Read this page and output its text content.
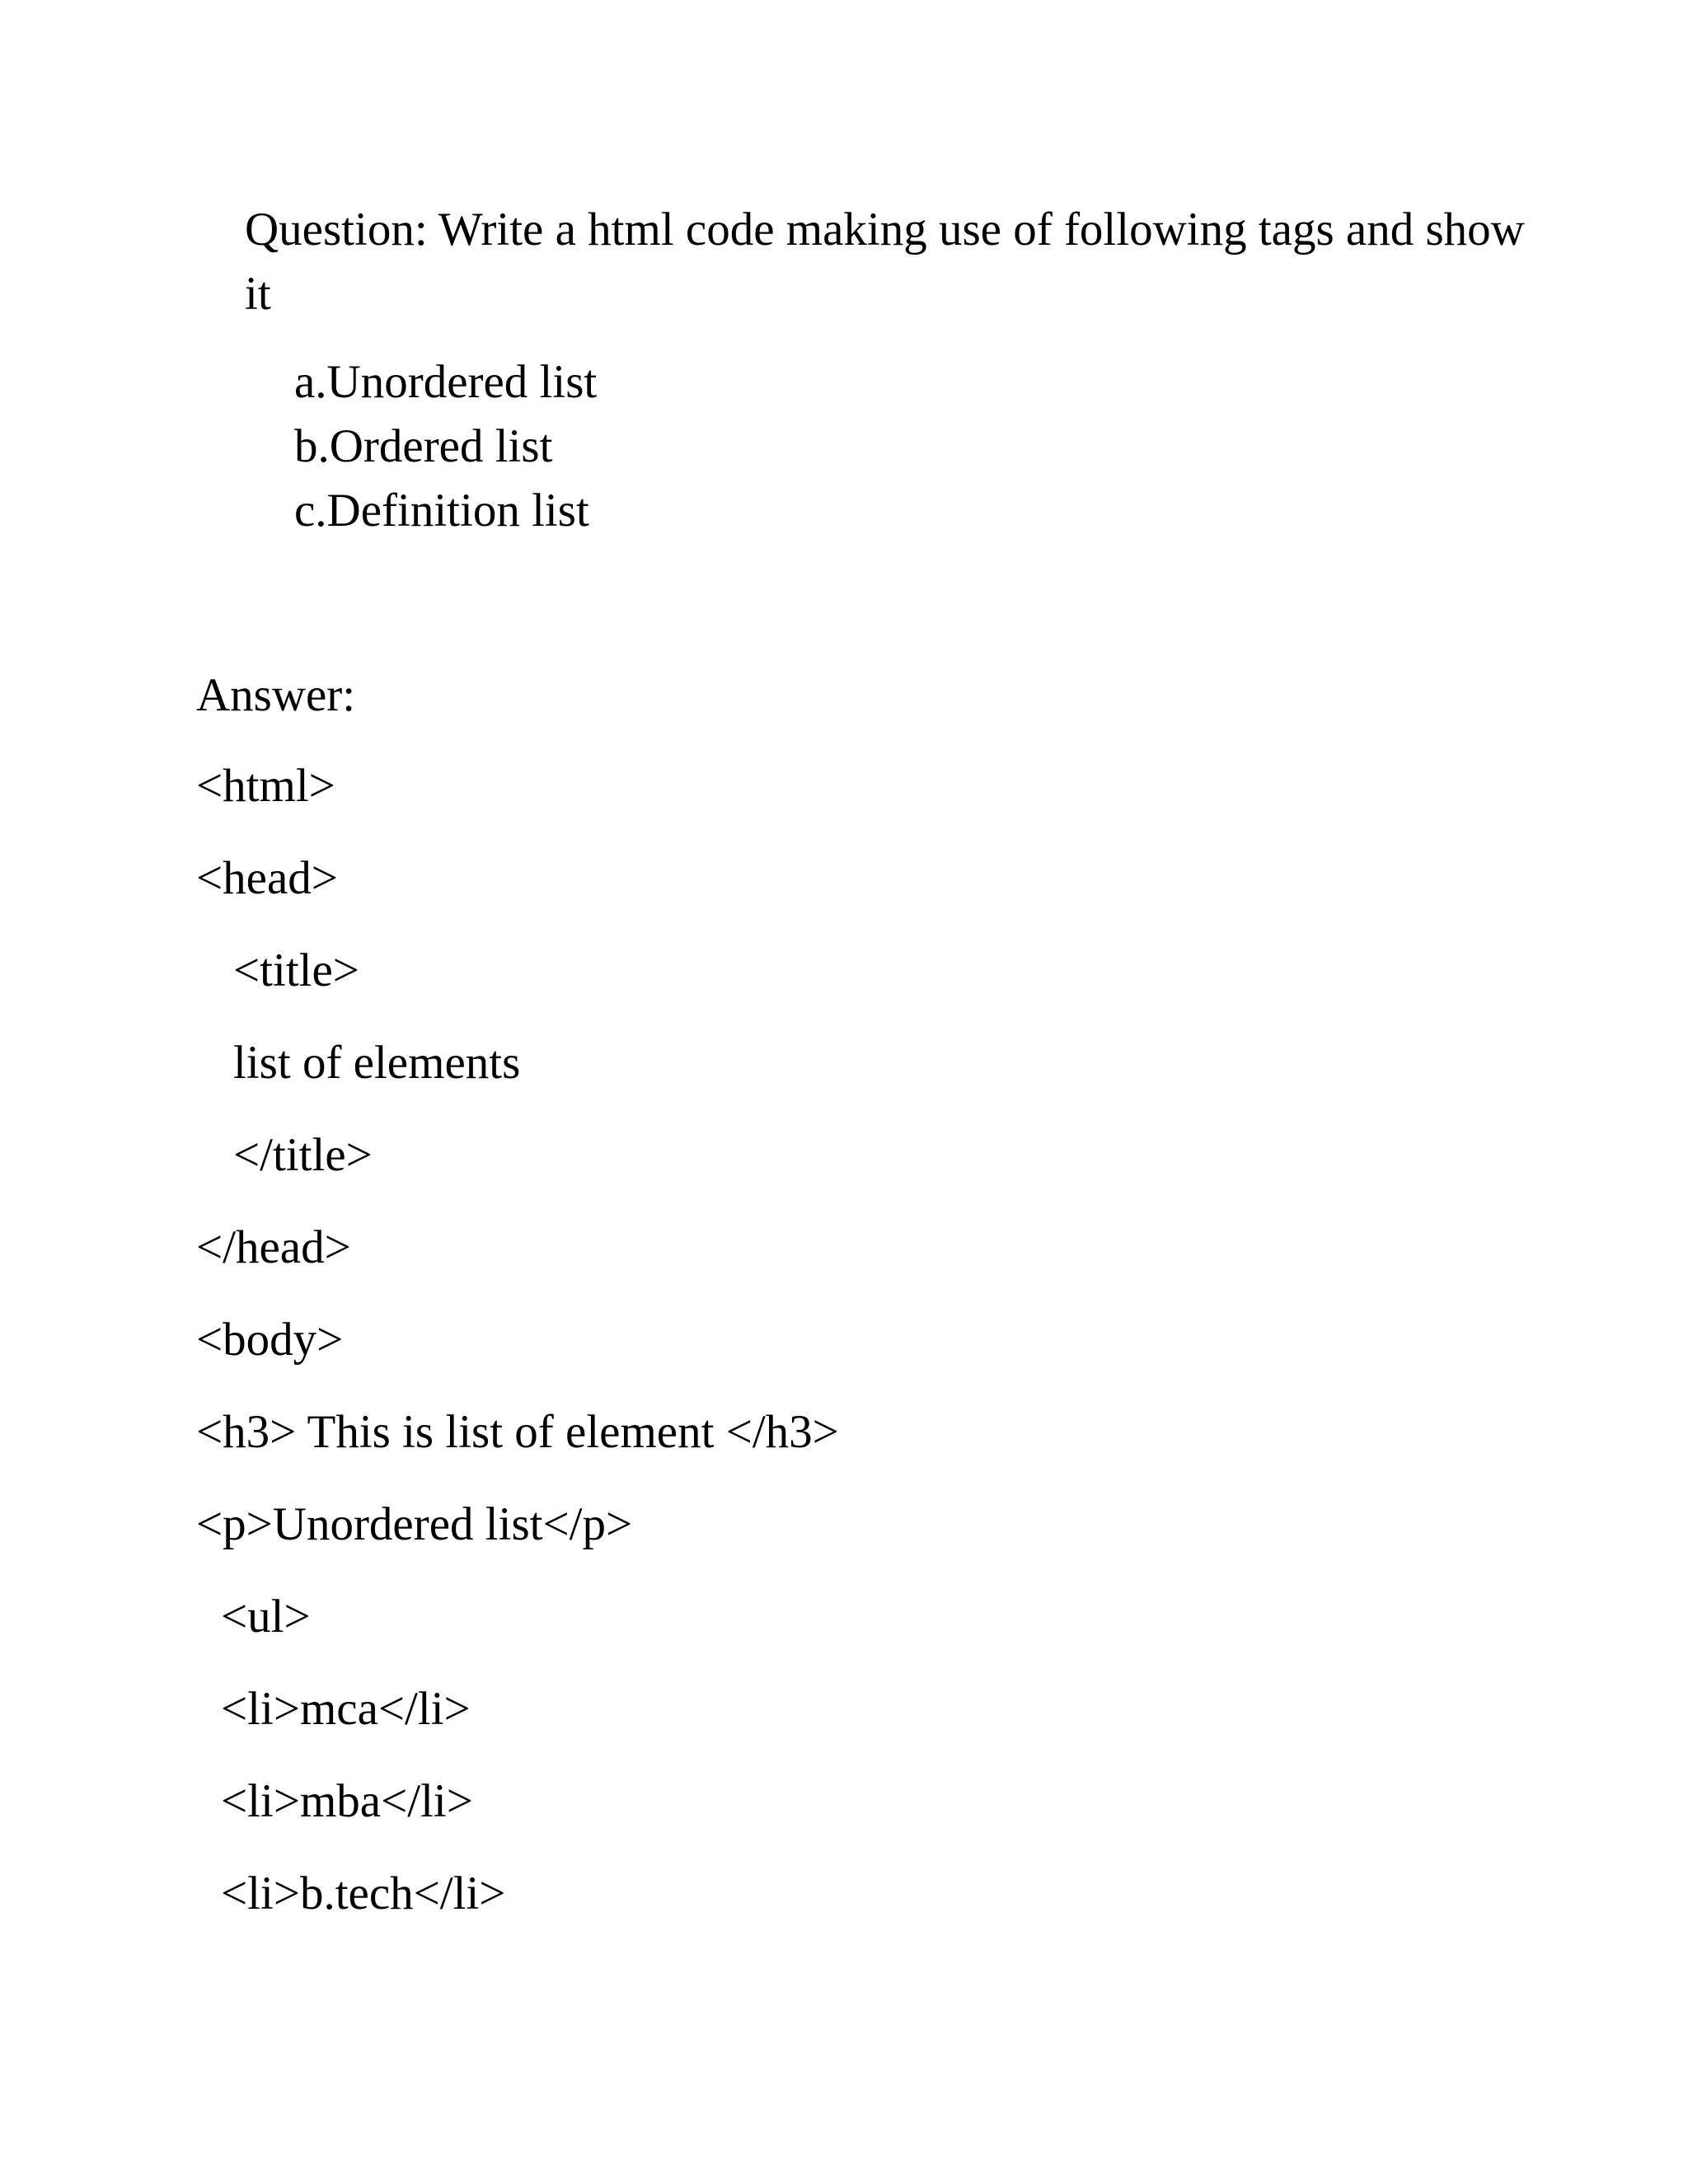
Question: Write a html code making use of following tags and show it

a.Unordered list
b.Ordered list
c.Definition list

Answer:

<html>
<head>
<title>
list of elements
</title>
</head>
<body>
<h3> This is list of element </h3>
<p>Unordered list</p>
<ul>
<li>mca</li>
<li>mba</li>
<li>b.tech</li>
